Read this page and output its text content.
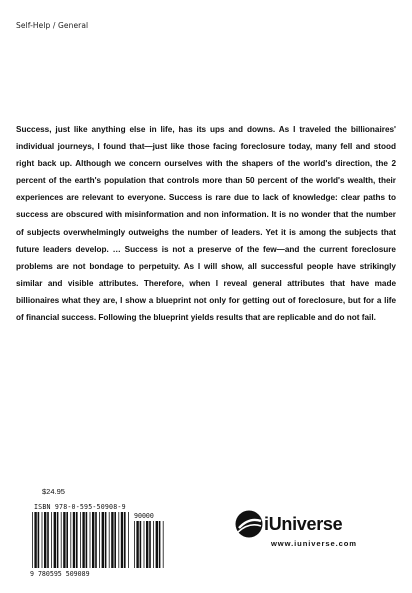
Self-Help / General

Success, just like anything else in life, has its ups and downs. As I traveled the billionaires' individual journeys, I found that—just like those facing foreclosure today, many fell and stood right back up. Although we concern ourselves with the shapers of the world's direction, the 2 percent of the earth's population that controls more than 50 percent of the world's wealth, their experiences are relevant to everyone. Success is rare due to lack of knowledge: clear paths to success are obscured with misinformation and non information. It is no wonder that the number of subjects overwhelmingly outweighs the number of leaders. Yet it is among the subjects that future leaders develop. … Success is not a preserve of the few—and the current foreclosure problems are not bondage to perpetuity. As I will show, all successful people have strikingly similar and visible attributes. Therefore, when I reveal general attributes that have made billionaires what they are, I show a blueprint not only for getting out of foreclosure, but for a life of financial success. Following the blueprint yields results that are replicable and do not fail.

$24.95
ISBN 978-0-595-50908-9
90000
9 780595 509089
iUniverse
www.iuniverse.com
